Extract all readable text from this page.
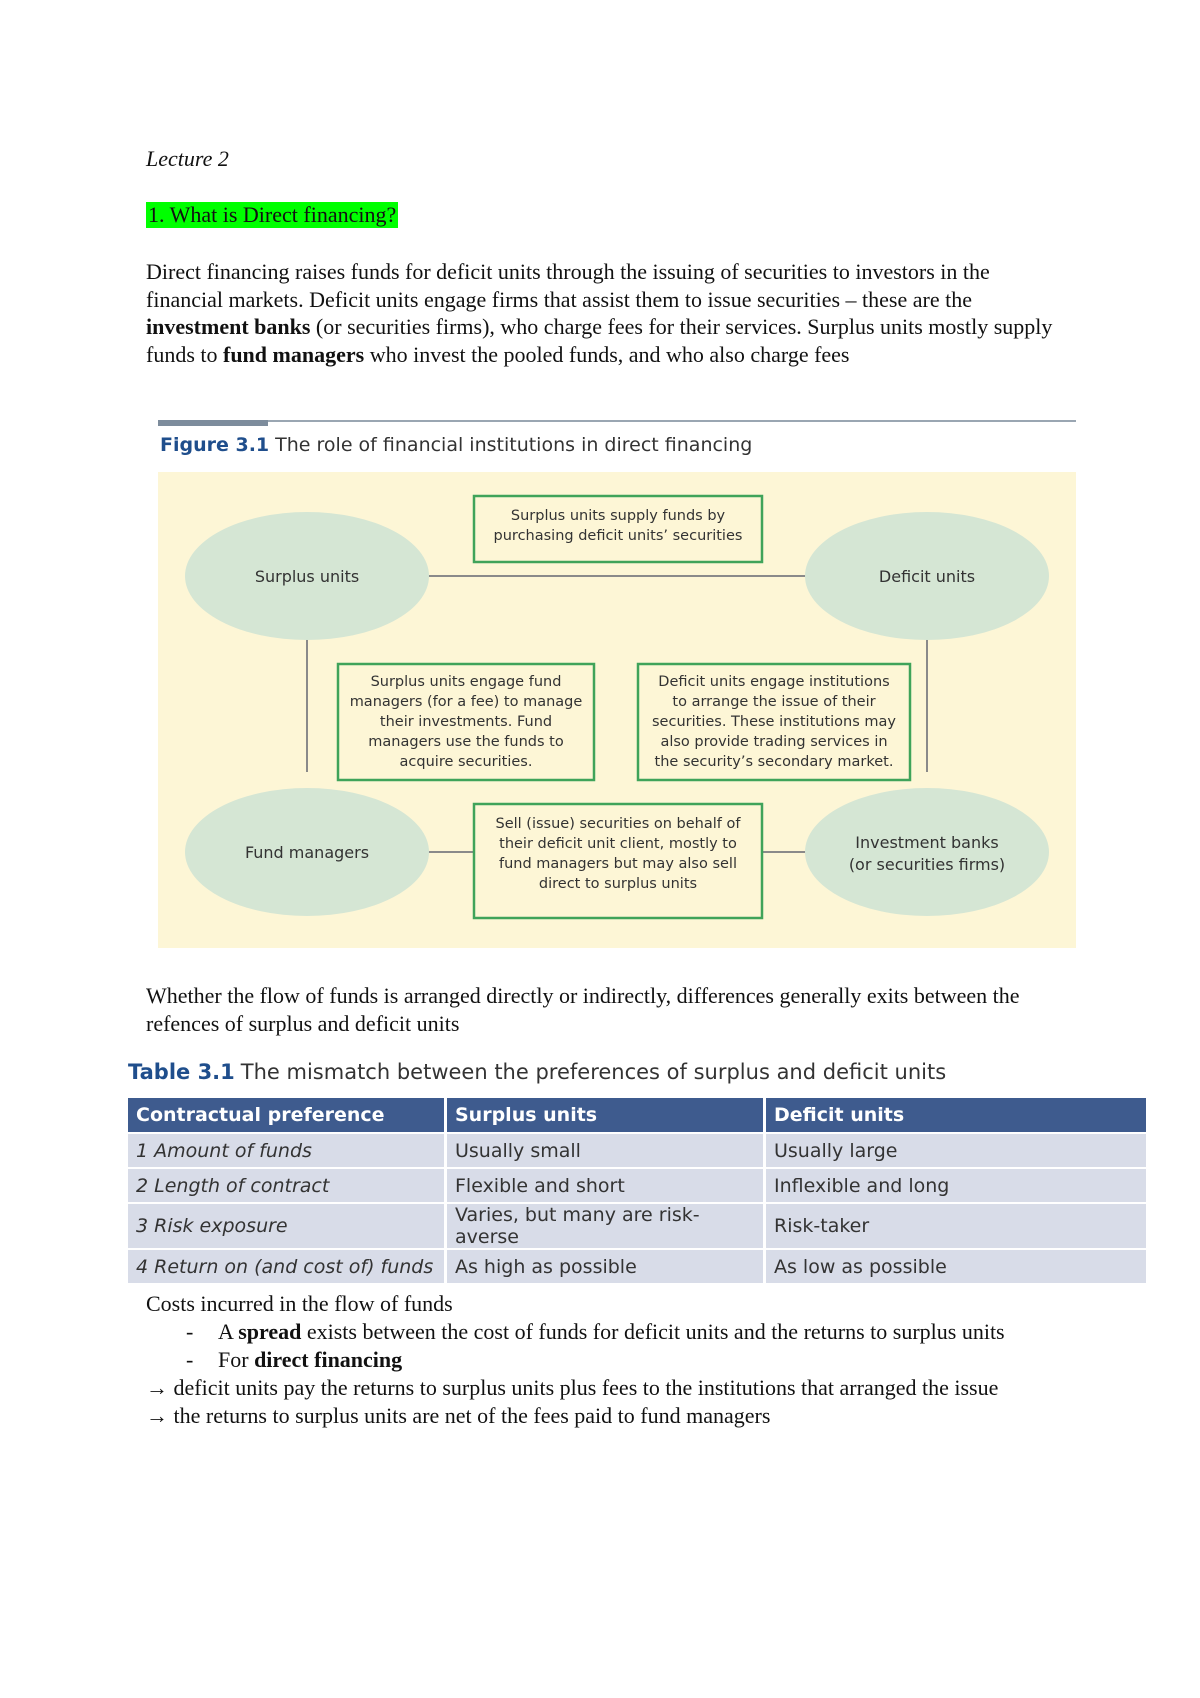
Lecture 2
1. What is Direct financing?
Direct financing raises funds for deficit units through the issuing of securities to investors in the financial markets. Deficit units engage firms that assist them to issue securities – these are the investment banks (or securities firms), who charge fees for their services. Surplus units mostly supply funds to fund managers who invest the pooled funds, and who also charge fees
Figure 3.1 The role of financial institutions in direct financing
Surplus units	Deficit units
Fund managers
Investment banks
(or securities firms)
Surplus units supply funds by
purchasing deficit units’ securities
Surplus units engage fund
managers (for a fee) to manage
their investments. Fund
managers use the funds to
acquire securities.
Deficit units engage institutions
to arrange the issue of their
securities. These institutions may
also provide trading services in
the security’s secondary market.
Sell (issue) securities on behalf of
their deficit unit client, mostly to
fund managers but may also sell
direct to surplus units
Whether the flow of funds is arranged directly or indirectly, differences generally exits between the refences of surplus and deficit units
Table 3.1 The mismatch between the preferences of surplus and deficit units
Contractual preference	Surplus units	Deficit units
1 Amount of funds	Usually small	Usually large
2 Length of contract	Flexible and short	Inflexible and long
3 Risk exposure	Varies, but many are risk-averse	Risk-taker
4 Return on (and cost of) funds	As high as possible	As low as possible
Costs incurred in the flow of funds
- A spread exists between the cost of funds for deficit units and the returns to surplus units
- For direct financing
→ deficit units pay the returns to surplus units plus fees to the institutions that arranged the issue
→ the returns to surplus units are net of the fees paid to fund managers
